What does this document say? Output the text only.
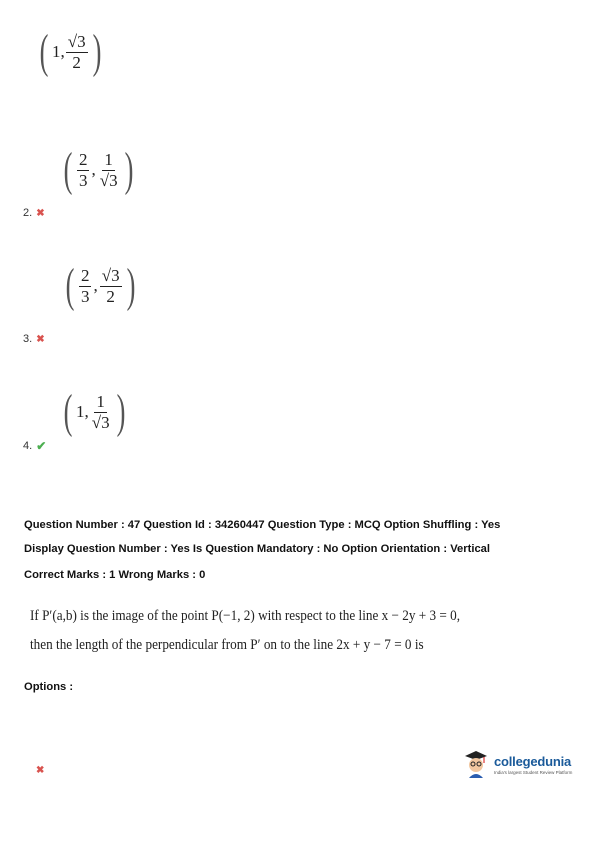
( 1, $\frac{√3}{2}$ )
( $\frac{2}{3}$ , $\frac{1}{√3}$ )
2. ✖
( $\frac{2}{3}$ , $\frac{√3}{2}$ )
3. ✖
( 1, $\frac{1}{√3}$ )
4. ✔
Question Number : 47 Question Id : 34260447 Question Type : MCQ Option Shuffling : Yes
Display Question Number : Yes Is Question Mandatory : No Option Orientation : Vertical
Correct Marks : 1 Wrong Marks : 0
If P′(a,b) is the image of the point P(−1, 2) with respect to the line x − 2y + 3 = 0,
then the length of the perpendicular from P′ on to the line 2x + y − 7 = 0 is
Options :
✖
collegedunia
India's largest Student Review Platform
